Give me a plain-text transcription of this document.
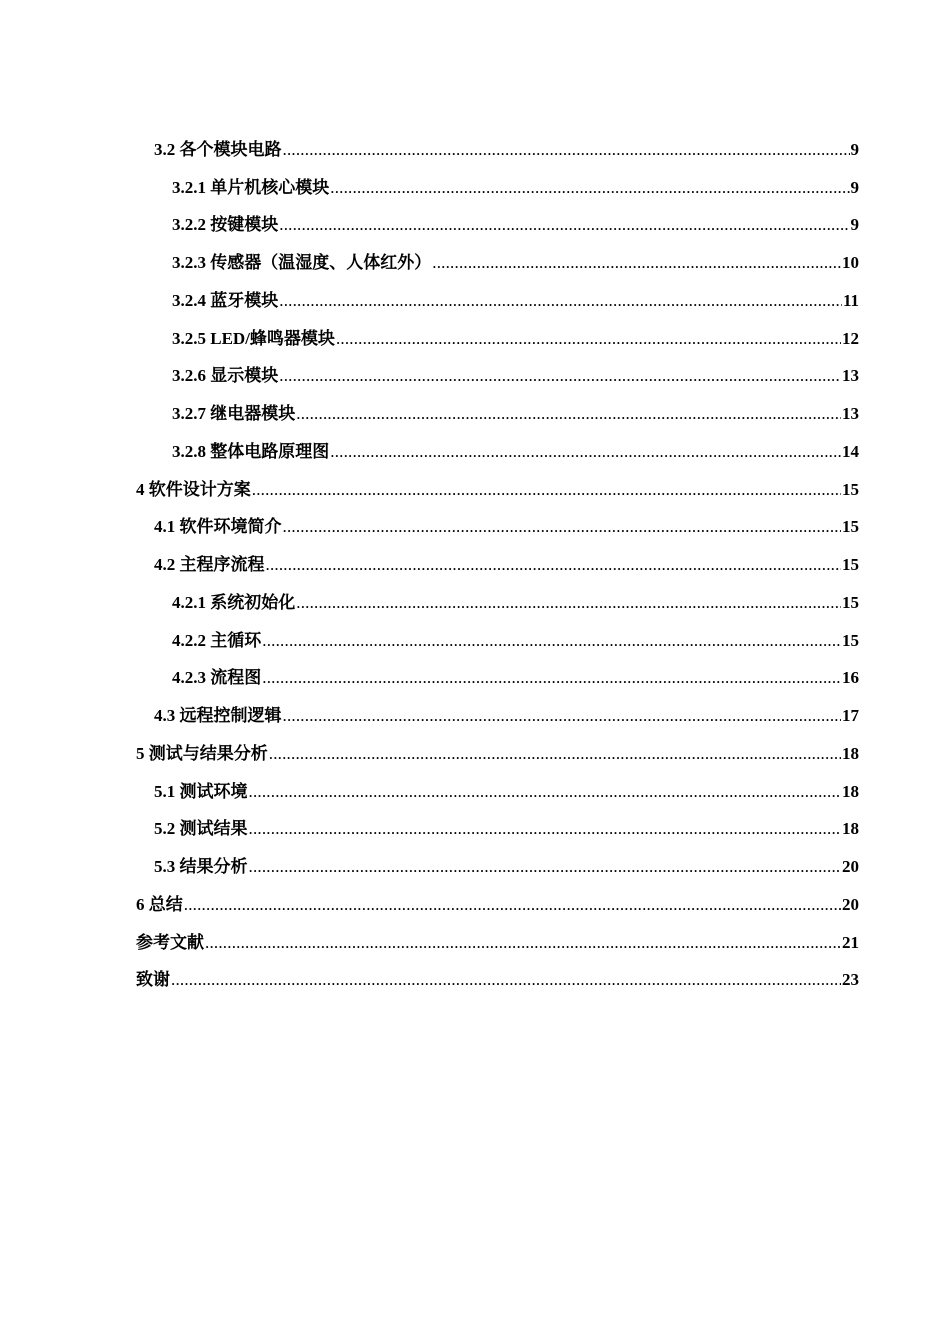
3.2 各个模块电路 .....	9
3.2.1 单片机核心模块 .....	9
3.2.2 按键模块 .....	9
3.2.3 传感器（温湿度、人体红外） .....	10
3.2.4 蓝牙模块 .....	11
3.2.5 LED/蜂鸣器模块 .....	12
3.2.6 显示模块 .....	13
3.2.7 继电器模块 .....	13
3.2.8 整体电路原理图 .....	14
4 软件设计方案 .....	15
4.1 软件环境简介 .....	15
4.2 主程序流程 .....	15
4.2.1 系统初始化 .....	15
4.2.2 主循环 .....	15
4.2.3 流程图 .....	16
4.3 远程控制逻辑 .....	17
5 测试与结果分析 .....	18
5.1 测试环境 .....	18
5.2 测试结果 .....	18
5.3 结果分析 .....	20
6 总结 .....	20
参考文献 .....	21
致谢 .....	23
